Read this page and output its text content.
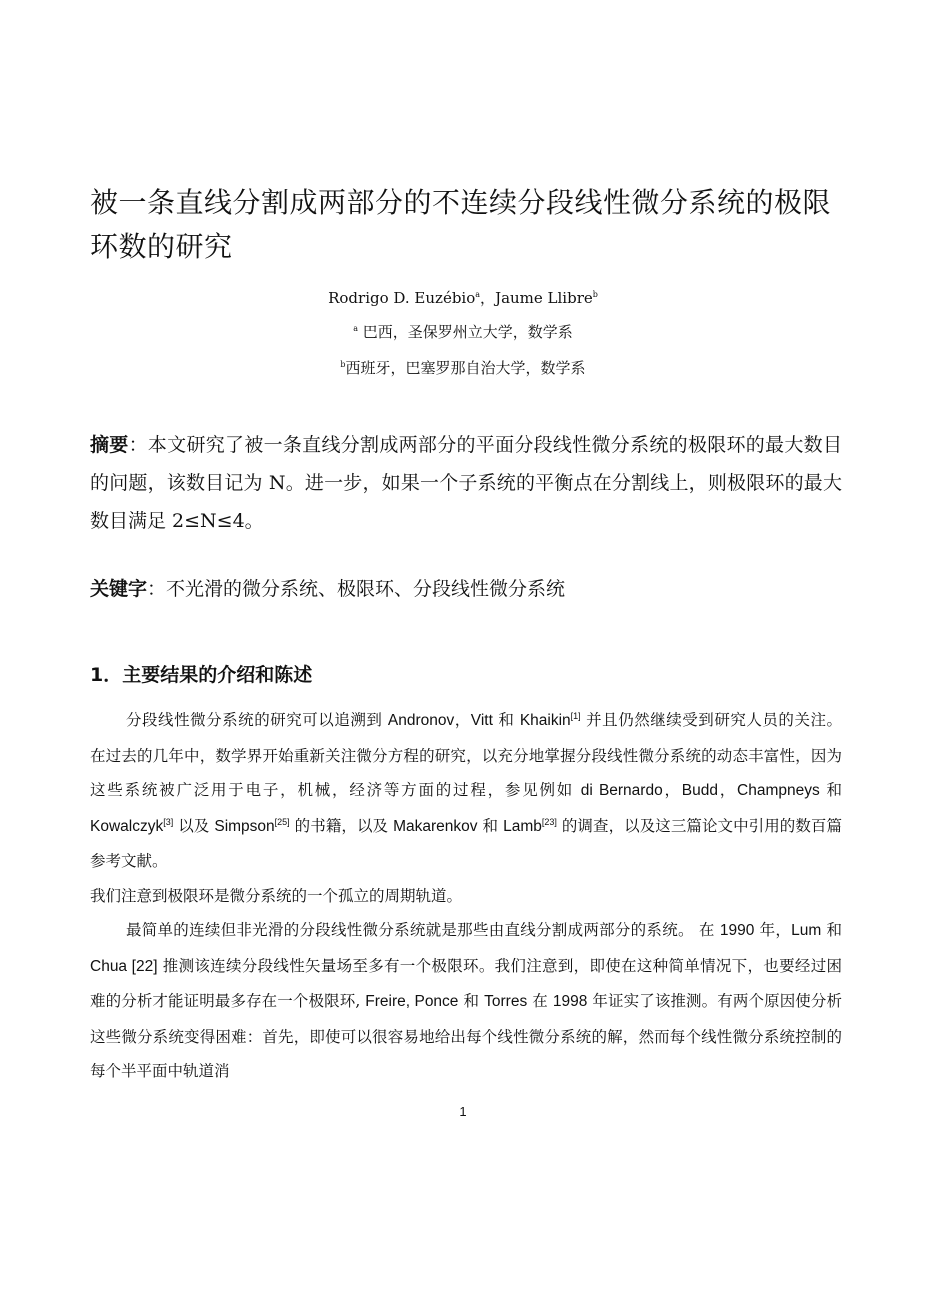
被一条直线分割成两部分的不连续分段线性微分系统的极限环数的研究
Rodrigo D. Euzébio$^a$，Jaume Llibre$^b$
$^a$ 巴西，圣保罗州立大学，数学系
$^b$西班牙，巴塞罗那自治大学，数学系
摘要：本文研究了被一条直线分割成两部分的平面分段线性微分系统的极限环的最大数目的问题，该数目记为 N。进一步，如果一个子系统的平衡点在分割线上，则极限环的最大数目满足 2≤N≤4。
关键字：不光滑的微分系统、极限环、分段线性微分系统
1．主要结果的介绍和陈述

分段线性微分系统的研究可以追溯到 Andronov，Vitt 和 Khaikin[1] 并且仍然继续受到研究人员的关注。 在过去的几年中，数学界开始重新关注微分方程的研究，以充分地掌握分段线性微分系统的动态丰富性，因为这些系统被广泛用于电子，机械，经济等方面的过程，参见例如 di Bernardo，Budd，Champneys 和 Kowalczyk[3] 以及 Simpson[25] 的书籍，以及 Makarenkov 和 Lamb[23] 的调查，以及这三篇论文中引用的数百篇参考文献。

我们注意到极限环是微分系统的一个孤立的周期轨道。

最简单的连续但非光滑的分段线性微分系统就是那些由直线分割成两部分的系统。 在 1990 年，Lum 和 Chua [22] 推测该连续分段线性矢量场至多有一个极限环。我们注意到，即使在这种简单情况下，也要经过困难的分析才能证明最多存在一个极限环, Freire, Ponce 和 Torres 在 1998 年证实了该推测。有两个原因使分析这些微分系统变得困难：首先，即使可以很容易地给出每个线性微分系统的解，然而每个线性微分系统控制的每个半平面中轨道消

1
